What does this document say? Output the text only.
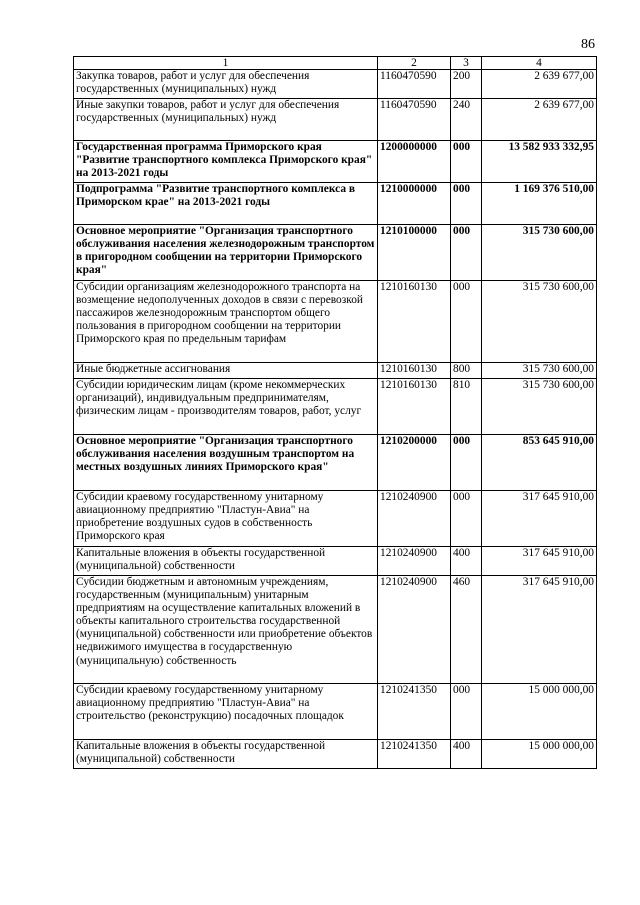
86
1	2	3	4
Закупка товаров, работ и услуг для обеспечения государственных (муниципальных) нужд	1160470590	200	2 639 677,00
Иные закупки товаров, работ и услуг для обеспечения государственных (муниципальных) нужд	1160470590	240	2 639 677,00
Государственная программа Приморского края "Развитие транспортного комплекса Приморского края" на 2013-2021 годы	1200000000	000	13 582 933 332,95
Подпрограмма "Развитие транспортного комплекса в Приморском крае" на 2013-2021 годы	1210000000	000	1 169 376 510,00
Основное мероприятие "Организация транспортного обслуживания населения железнодорожным транспортом в пригородном сообщении на территории Приморского края"	1210100000	000	315 730 600,00
Субсидии организациям железнодорожного транспорта на возмещение недополученных доходов в связи с перевозкой пассажиров железнодорожным транспортом общего пользования в пригородном сообщении на территории Приморского края по предельным тарифам	1210160130	000	315 730 600,00
Иные бюджетные ассигнования	1210160130	800	315 730 600,00
Субсидии юридическим лицам (кроме некоммерческих организаций), индивидуальным предпринимателям, физическим лицам - производителям товаров, работ, услуг	1210160130	810	315 730 600,00
Основное мероприятие "Организация транспортного обслуживания населения воздушным транспортом на местных воздушных линиях Приморского края"	1210200000	000	853 645 910,00
Субсидии краевому государственному унитарному авиационному предприятию "Пластун-Авиа" на приобретение воздушных судов в собственность Приморского края	1210240900	000	317 645 910,00
Капитальные вложения в объекты государственной (муниципальной) собственности	1210240900	400	317 645 910,00
Субсидии бюджетным и автономным учреждениям, государственным (муниципальным) унитарным предприятиям на осуществление капитальных вложений в объекты капитального строительства государственной (муниципальной) собственности или приобретение объектов недвижимого имущества в государственную (муниципальную) собственность	1210240900	460	317 645 910,00
Субсидии краевому государственному унитарному авиационному предприятию "Пластун-Авиа" на строительство (реконструкцию) посадочных площадок	1210241350	000	15 000 000,00
Капитальные вложения в объекты государственной (муниципальной) собственности	1210241350	400	15 000 000,00
